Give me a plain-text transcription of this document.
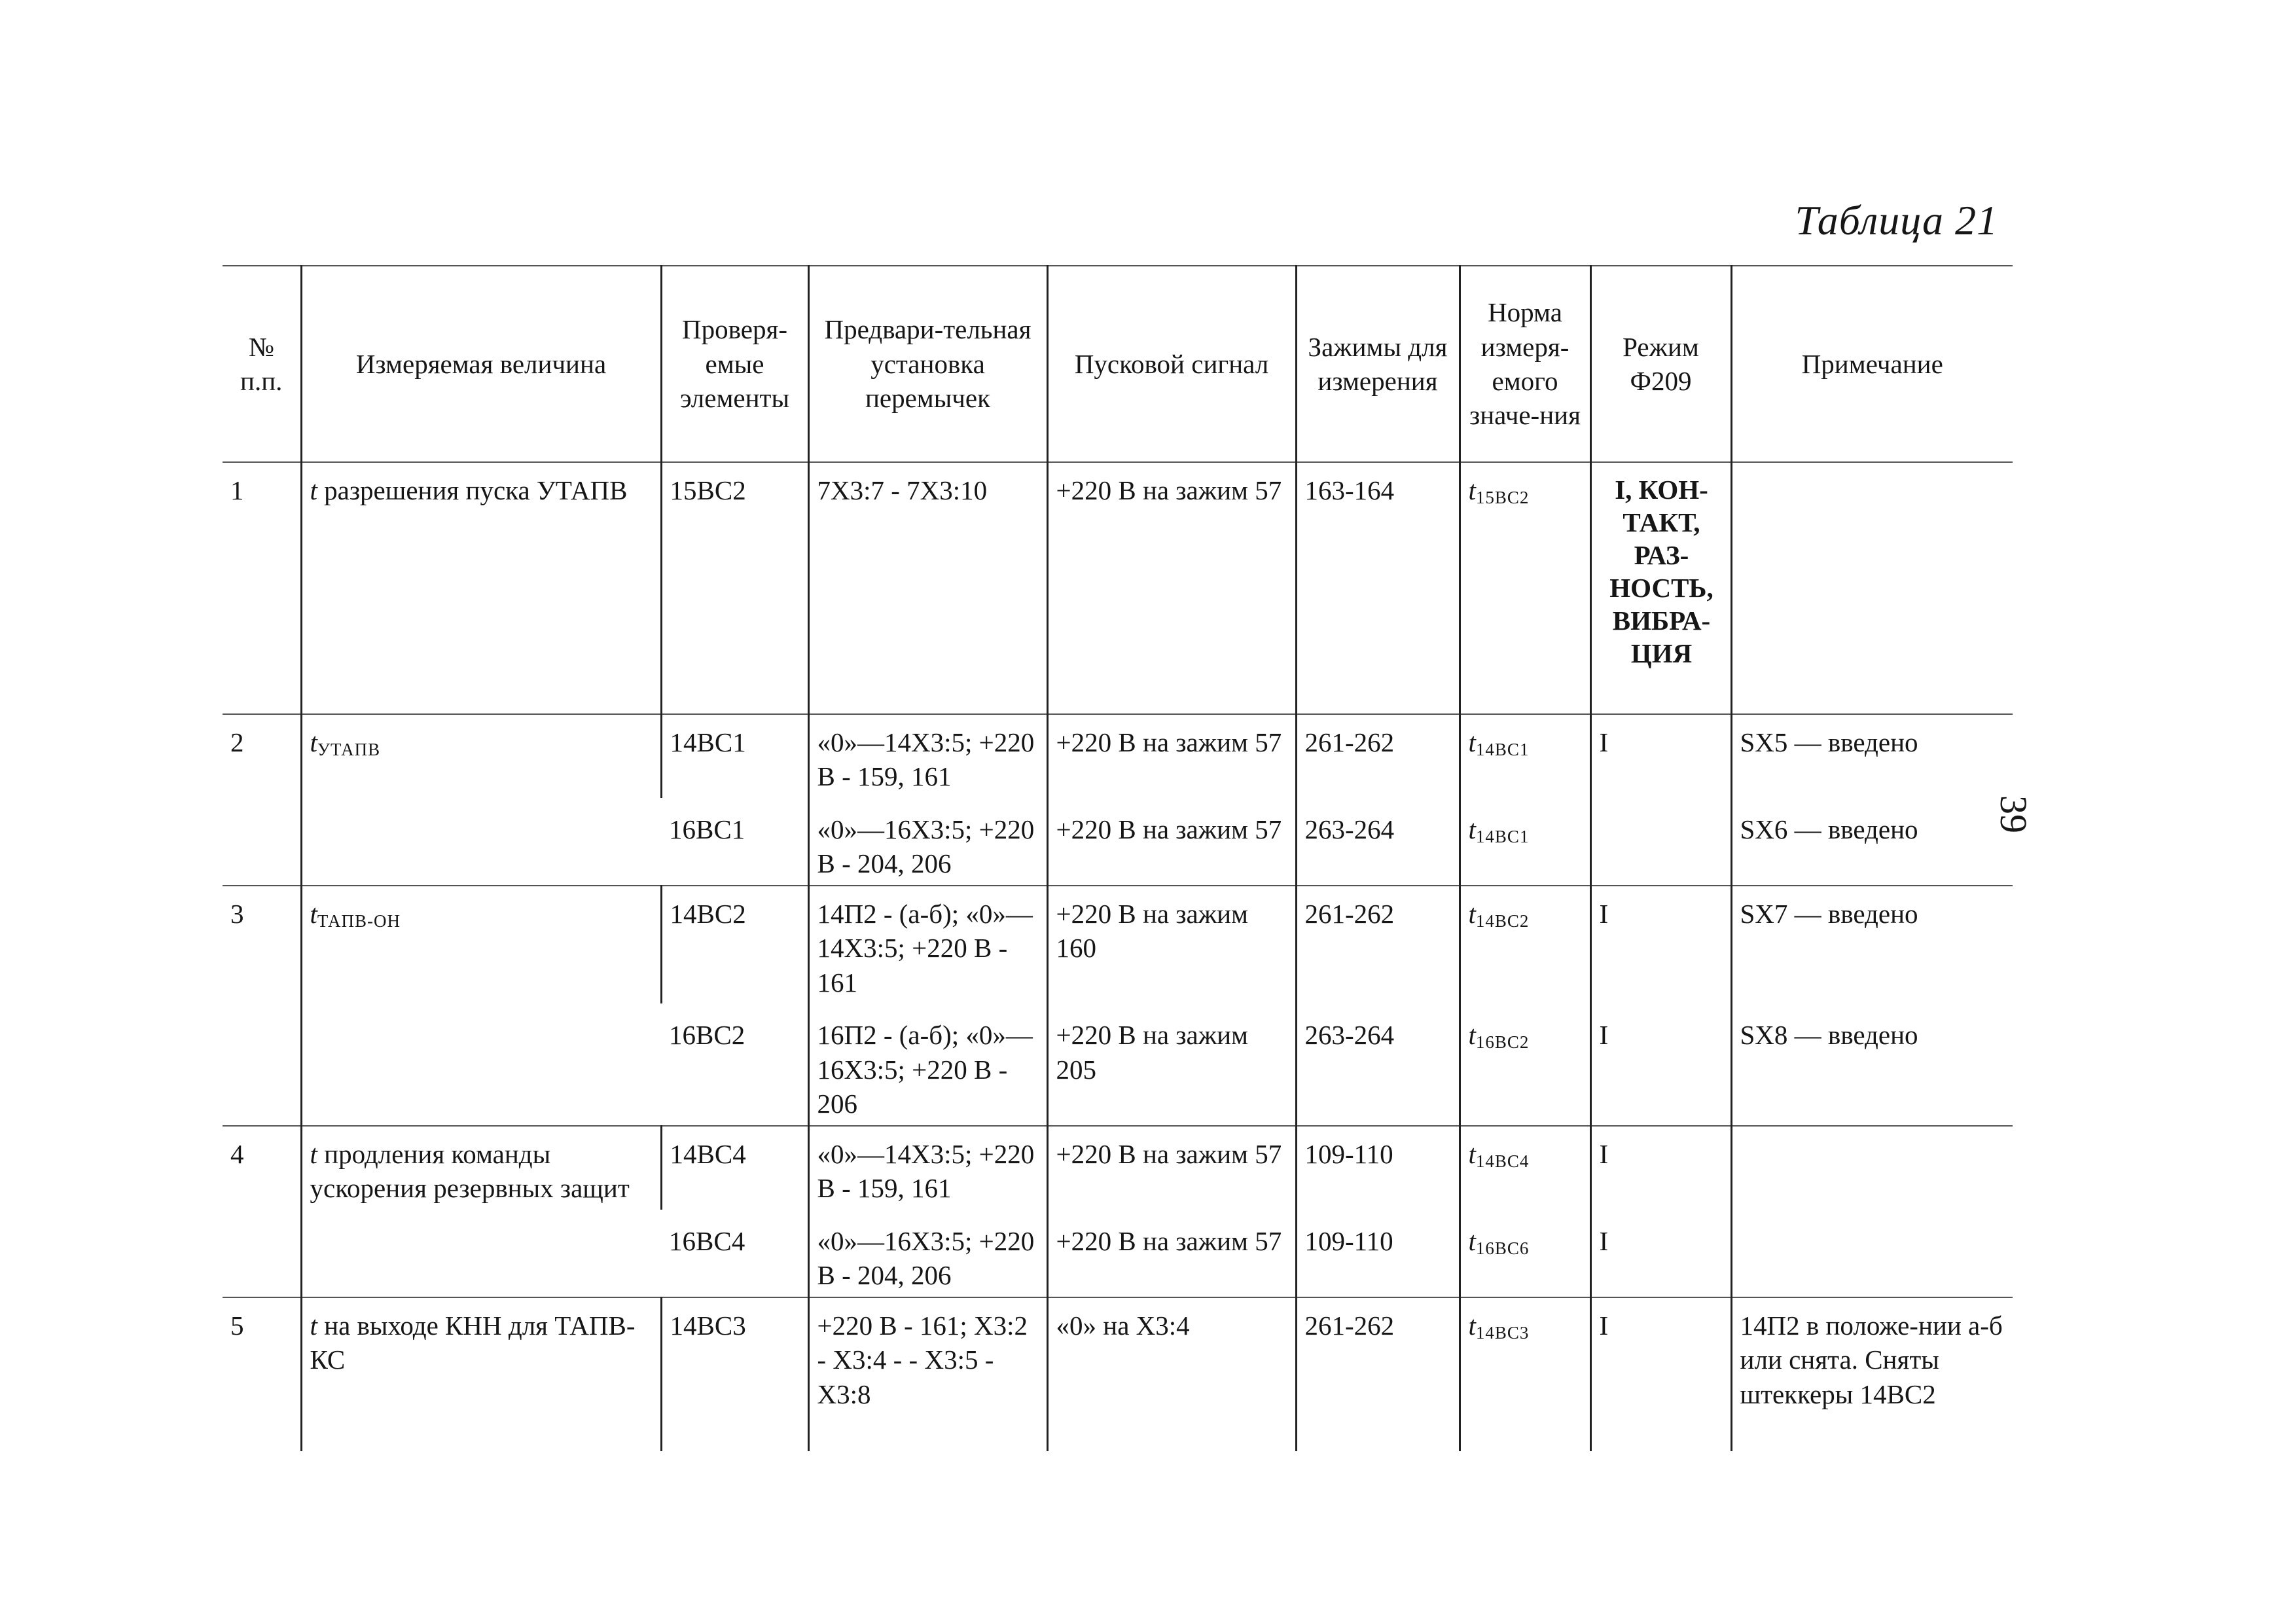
Таблица 21
39
№ п.п.	Измеряемая величина	Проверя-емые элементы	Предвари-тельная установка перемычек	Пусковой сигнал	Зажимы для измерения	Норма измеря-емого значе-ния	Режим Ф209	Примечание
1	t разрешения пуска УТАПВ	15ВС2	7Х3:7 - 7Х3:10	+220 В на зажим 57	163-164	$t_{15ВС2}$	I, КОН-ТАКТ, РАЗ-НОСТЬ, ВИБРА-ЦИЯ	

2	$t_{УТАПВ}$	14ВС1	«0»—14Х3:5; +220 В - 159, 161	+220 В на зажим 57	261-262	$t_{14ВС1}$	I	SX5 — введено
		16ВС1	«0»—16Х3:5; +220 В - 204, 206	+220 В на зажим 57	263-264	$t_{14ВС1}$		SX6 — введено
3	$t_{ТАПВ-ОН}$	14ВС2	14П2 - (а-б); «0»—14Х3:5; +220 В - 161	+220 В на зажим 160	261-262	$t_{14ВС2}$	I	SX7 — введено
		16ВС2	16П2 - (а-б); «0»—16Х3:5; +220 В - 206	+220 В на зажим 205	263-264	$t_{16ВС2}$	I	SX8 — введено
4	t продления команды ускорения резервных защит	14ВС4	«0»—14Х3:5; +220 В - 159, 161	+220 В на зажим 57	109-110	$t_{14ВС4}$	I	
		16ВС4	«0»—16Х3:5; +220 В - 204, 206	+220 В на зажим 57	109-110	$t_{16ВС6}$	I	
5	t на выходе КНН для ТАПВ-КС	14ВС3	+220 В - 161; Х3:2 - Х3:4 - - Х3:5 - Х3:8	«0» на Х3:4	261-262	$t_{14ВС3}$	I	14П2 в положе-нии а-б или снята. Сняты штеккеры 14ВС2
